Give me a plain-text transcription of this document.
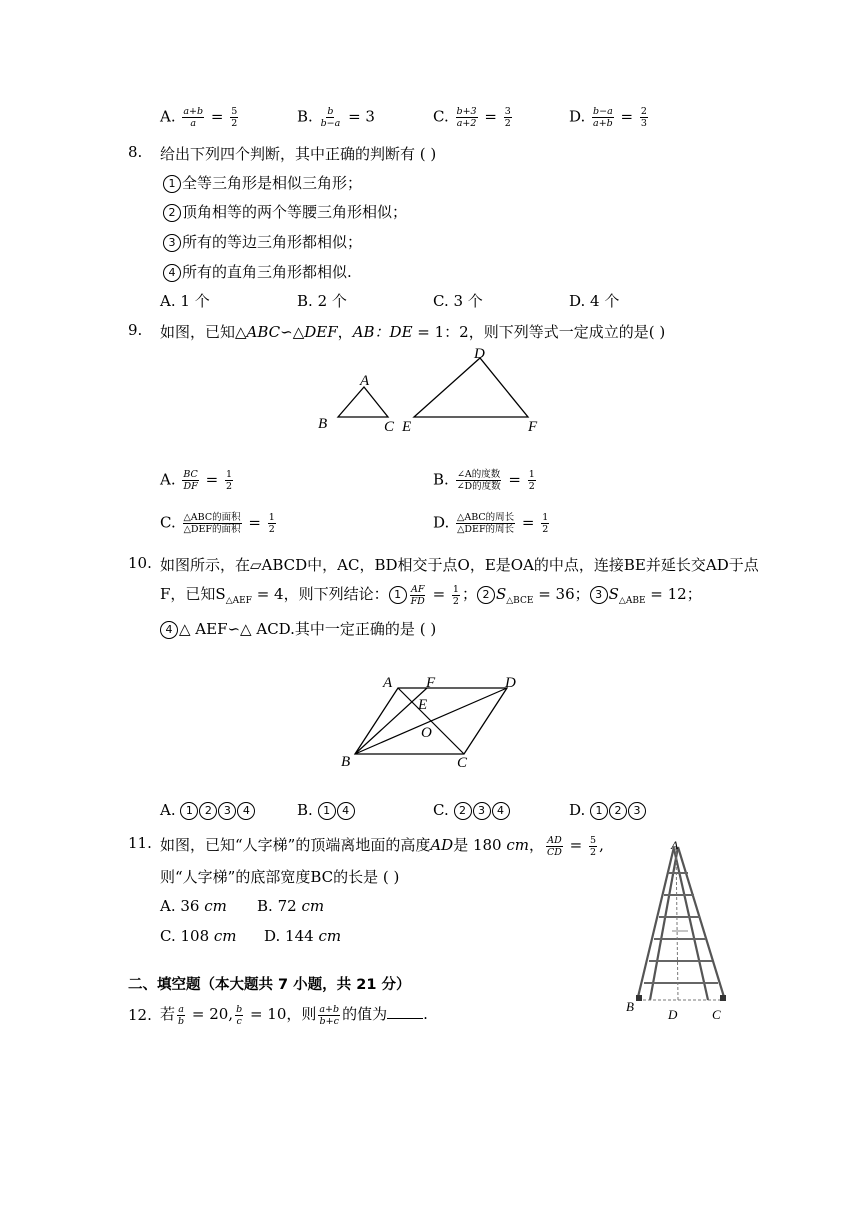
A. $\frac{a+b}{a} = \frac{5}{2}$	B. $\frac{b}{b-a} = 3$	C. $\frac{b+3}{a+2} = \frac{3}{2}$	D. $\frac{b-a}{a+b} = \frac{2}{3}$
8. 给出下列四个判断，其中正确的判断有 ( )
1 全等三角形是相似三角形；
2 顶角相等的两个等腰三角形相似；
3 所有的等边三角形都相似；
4 所有的直角三角形都相似.
A. 1 个	B. 2 个	C. 3 个	D. 4 个
9. 如图，已知△ABC∽△DEF，AB：DE = 1：2，则下列等式一定成立的是( )
A
B	C
D
E	F
A. $\frac{BC}{DF} = \frac{1}{2}$	B. $\frac{\text{∠A的度数}}{\text{∠D的度数}} = \frac{1}{2}$
C. $\frac{\text{△ABC的面积}}{\text{△DEF的面积}} = \frac{1}{2}$	D. $\frac{\text{△ABC的周长}}{\text{△DEF的周长}} = \frac{1}{2}$
10. 如图所示，在▱ABCD中，AC，BD相交于点O，E是OA的中点，连接BE并延长交AD于点
F，已知$S_{\triangle AEF} = 4$，则下列结论： $1 \frac{AF}{FD} = \frac{1}{2}$ ； 2 $S_{\triangle BCE} = 36$； 3 $S_{\triangle ABE} = 12$；
4 △ AEF∽△ ACD.其中一定正确的是 ( )
A F	D
E
O
B	C
A. 1 2 3 4	B. 1 4	C. 2 3 4	D. 1 2 3
11. 如图，已知“人字梯”的顶端离地面的高度AD是 180 cm， $\frac{AD}{CD} = \frac{5}{2}$ ,
则“人字梯”的底部宽度BC的长是 ( )
A. 36 cm B. 72 cm
C. 108 cm D. 144 cm
A
B
D	C
二、填空题（本大题共 7 小题，共 21 分）
12. 若 $\frac{a}{b} = 20$, $\frac{b}{c} = 10$，则 $\frac{a+b}{b+c}$ 的值为 .
